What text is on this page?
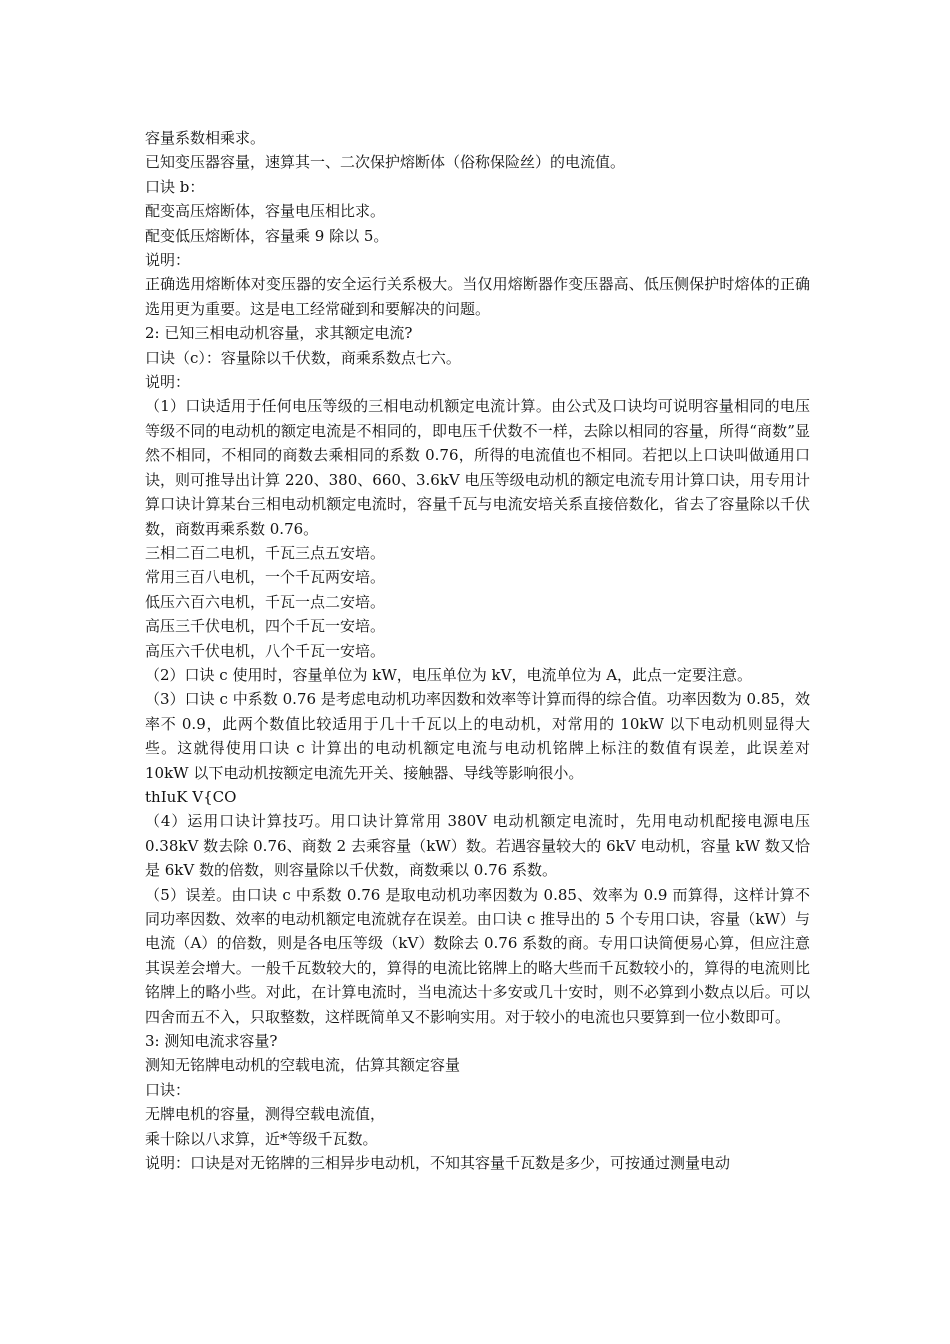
容量系数相乘求。
已知变压器容量，速算其一、二次保护熔断体（俗称保险丝）的电流值。
口诀 b：
配变高压熔断体，容量电压相比求。
配变低压熔断体，容量乘 9 除以 5。
说明：
正确选用熔断体对变压器的安全运行关系极大。当仅用熔断器作变压器高、低压侧保护时熔体的正确选用更为重要。这是电工经常碰到和要解决的问题。
2: 已知三相电动机容量，求其额定电流?
口诀（c）：容量除以千伏数，商乘系数点七六。
说明：
（1）口诀适用于任何电压等级的三相电动机额定电流计算。由公式及口诀均可说明容量相同的电压等级不同的电动机的额定电流是不相同的，即电压千伏数不一样，去除以相同的容量，所得“商数”显然不相同，不相同的商数去乘相同的系数 0.76，所得的电流值也不相同。若把以上口诀叫做通用口诀，则可推导出计算 220、380、660、3.6kV 电压等级电动机的额定电流专用计算口诀，用专用计算口诀计算某台三相电动机额定电流时，容量千瓦与电流安培关系直接倍数化，省去了容量除以千伏数，商数再乘系数 0.76。
三相二百二电机，千瓦三点五安培。
常用三百八电机，一个千瓦两安培。
低压六百六电机，千瓦一点二安培。
高压三千伏电机，四个千瓦一安培。
高压六千伏电机，八个千瓦一安培。
（2）口诀 c 使用时，容量单位为 kW，电压单位为 kV，电流单位为 A，此点一定要注意。
（3）口诀 c 中系数 0.76 是考虑电动机功率因数和效率等计算而得的综合值。功率因数为 0.85，效率不 0.9，此两个数值比较适用于几十千瓦以上的电动机，对常用的 10kW 以下电动机则显得大些。这就得使用口诀 c 计算出的电动机额定电流与电动机铭牌上标注的数值有误差，此误差对 10kW 以下电动机按额定电流先开关、接触器、导线等影响很小。
thIuK V{CO
（4）运用口诀计算技巧。用口诀计算常用 380V 电动机额定电流时，先用电动机配接电源电压 0.38kV 数去除 0.76、商数 2 去乘容量（kW）数。若遇容量较大的 6kV 电动机，容量 kW 数又恰是 6kV 数的倍数，则容量除以千伏数，商数乘以 0.76 系数。
（5）误差。由口诀 c 中系数 0.76 是取电动机功率因数为 0.85、效率为 0.9 而算得，这样计算不同功率因数、效率的电动机额定电流就存在误差。由口诀 c 推导出的 5 个专用口诀，容量（kW）与电流（A）的倍数，则是各电压等级（kV）数除去 0.76 系数的商。专用口诀简便易心算，但应注意其误差会增大。一般千瓦数较大的，算得的电流比铭牌上的略大些而千瓦数较小的，算得的电流则比铭牌上的略小些。对此，在计算电流时，当电流达十多安或几十安时，则不必算到小数点以后。可以四舍而五不入，只取整数，这样既简单又不影响实用。对于较小的电流也只要算到一位小数即可。
3: 测知电流求容量?
测知无铭牌电动机的空载电流，估算其额定容量
口诀：
无牌电机的容量，测得空载电流值，
乘十除以八求算，近*等级千瓦数。
说明：口诀是对无铭牌的三相异步电动机，不知其容量千瓦数是多少，可按通过测量电动
